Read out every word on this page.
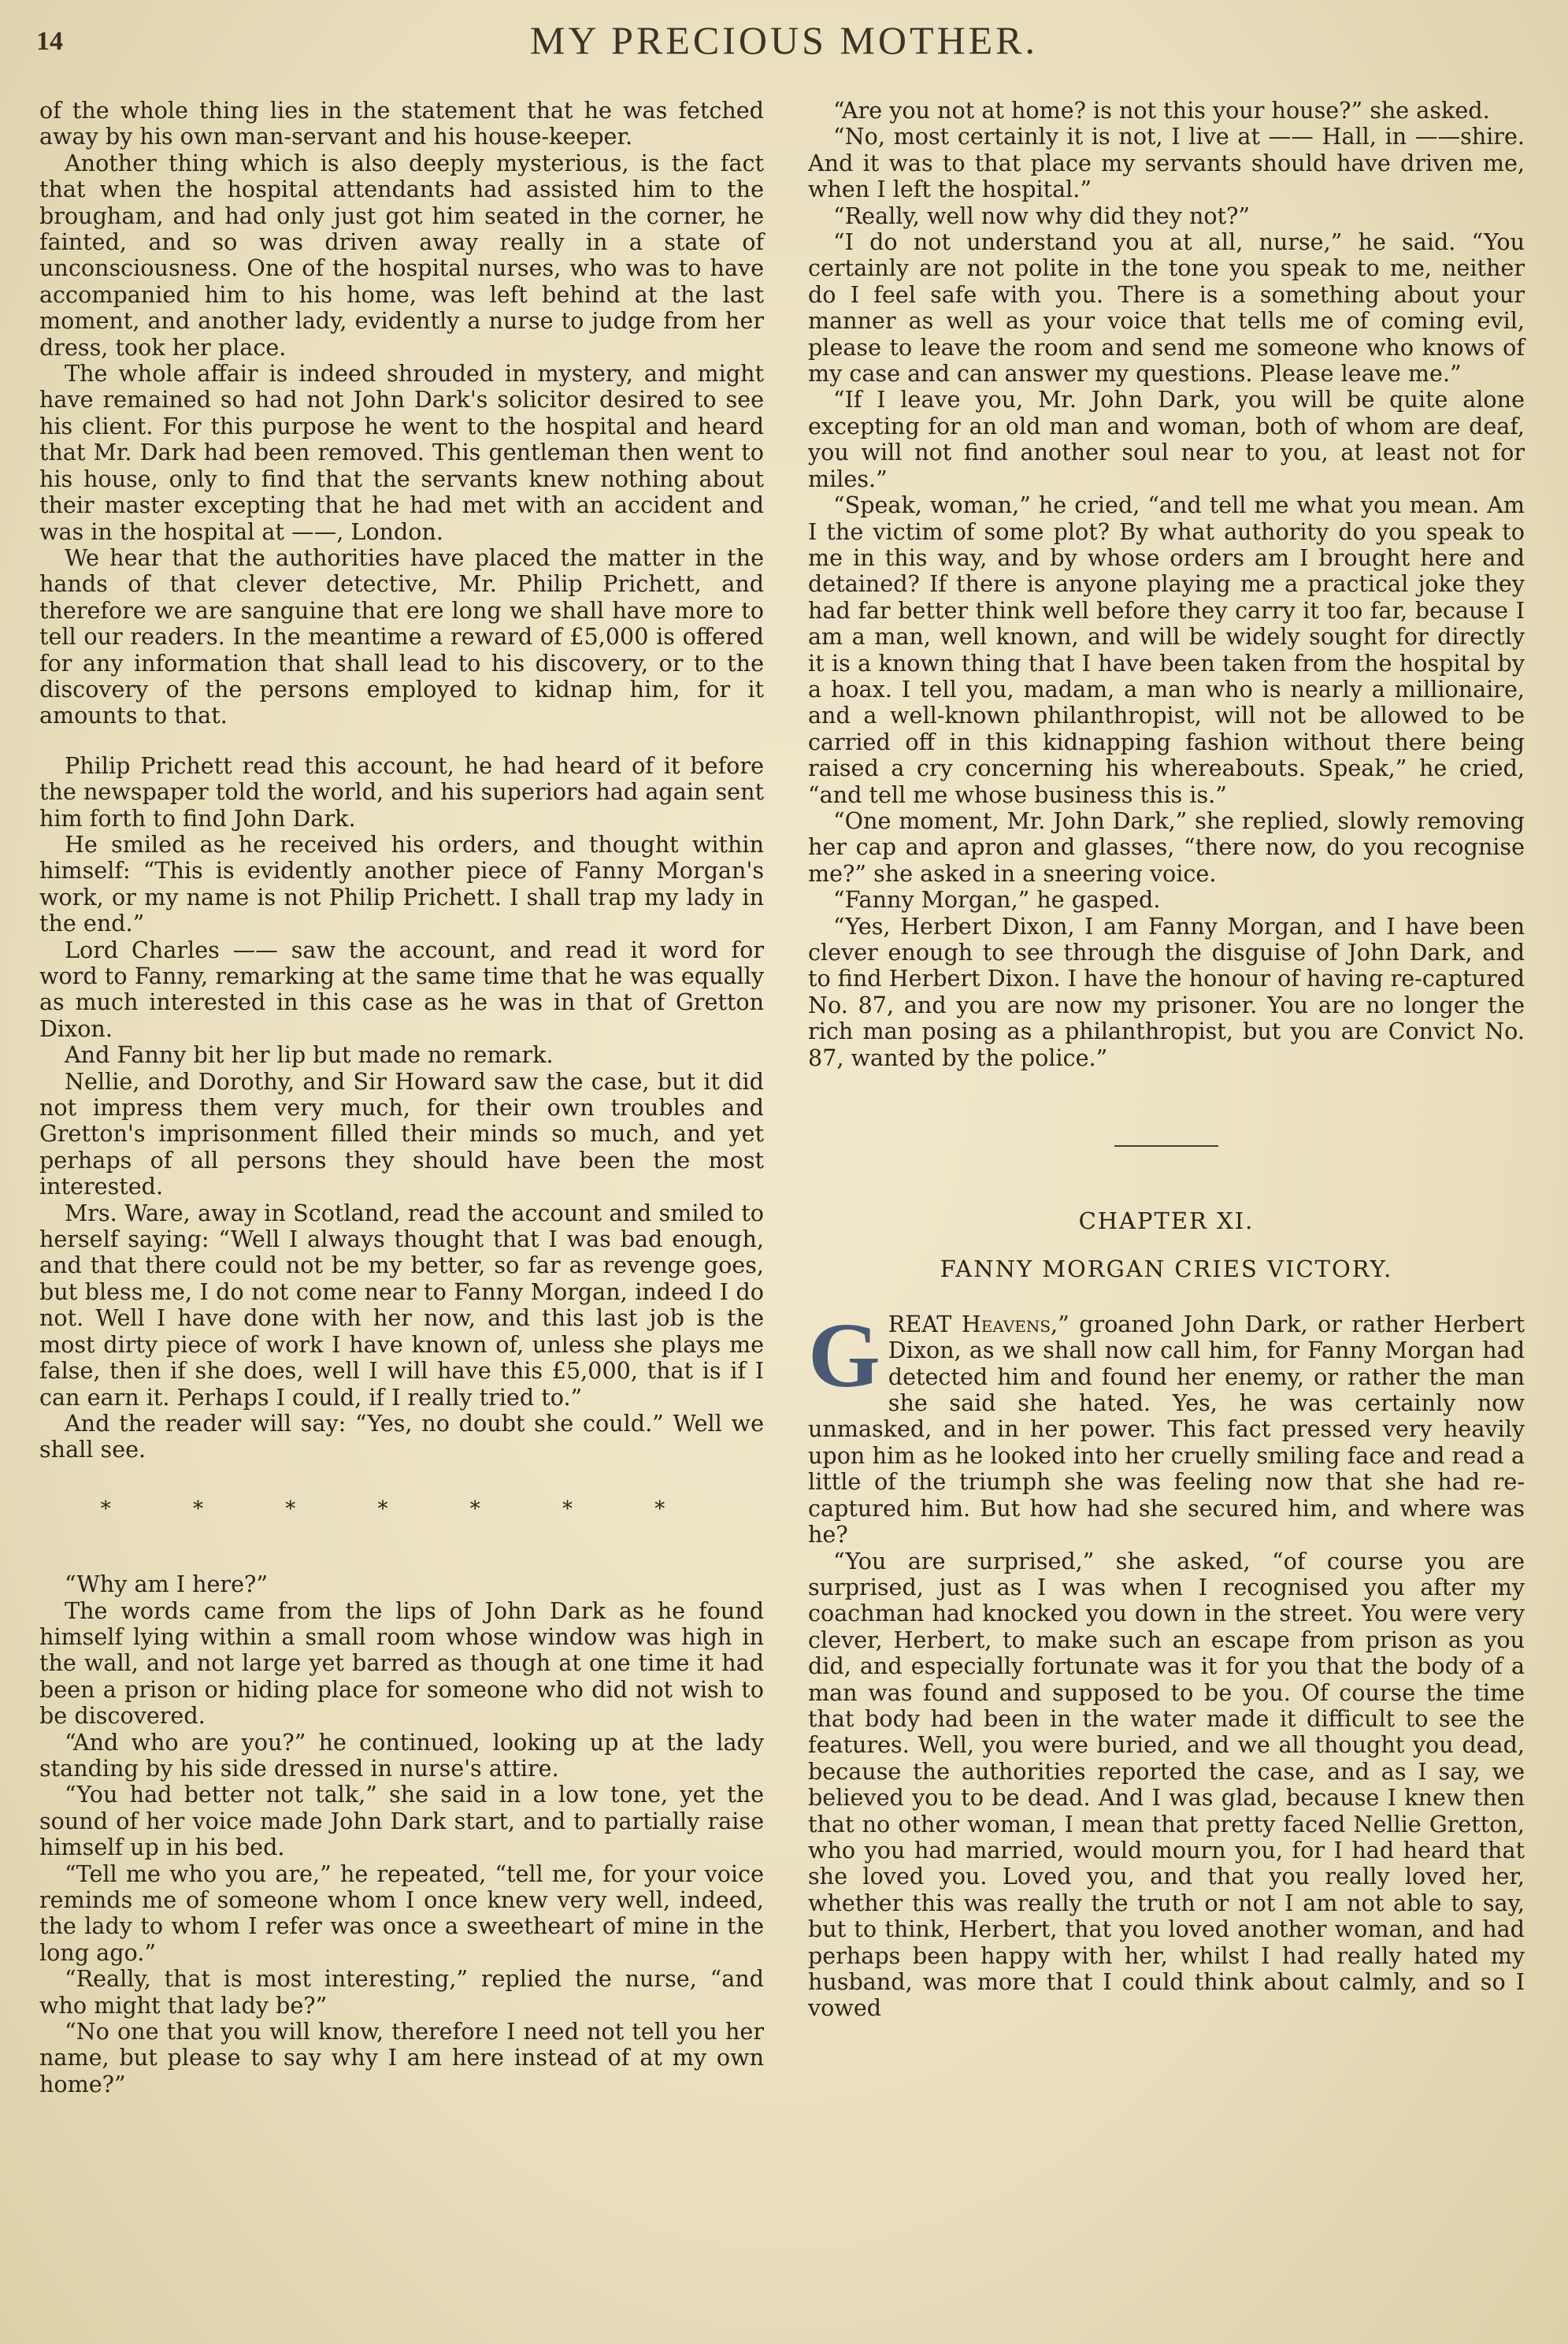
14	MY PRECIOUS MOTHER.

of the whole thing lies in the statement that he was fetched away by his own man-servant and his house-keeper.

Another thing which is also deeply mysterious, is the fact that when the hospital attendants had assisted him to the brougham, and had only just got him seated in the corner, he fainted, and so was driven away really in a state of unconsciousness. One of the hospital nurses, who was to have accompanied him to his home, was left behind at the last moment, and another lady, evidently a nurse to judge from her dress, took her place.

The whole affair is indeed shrouded in mystery, and might have remained so had not John Dark's solicitor desired to see his client. For this purpose he went to the hospital and heard that Mr. Dark had been removed. This gentleman then went to his house, only to find that the servants knew nothing about their master excepting that he had met with an accident and was in the hospital at ——, London.

We hear that the authorities have placed the matter in the hands of that clever detective, Mr. Philip Prichett, and therefore we are sanguine that ere long we shall have more to tell our readers. In the meantime a reward of £5,000 is offered for any information that shall lead to his discovery, or to the discovery of the persons employed to kidnap him, for it amounts to that.

Philip Prichett read this account, he had heard of it before the newspaper told the world, and his superiors had again sent him forth to find John Dark.

He smiled as he received his orders, and thought within himself: “This is evidently another piece of Fanny Morgan's work, or my name is not Philip Prichett. I shall trap my lady in the end.”

Lord Charles —— saw the account, and read it word for word to Fanny, remarking at the same time that he was equally as much interested in this case as he was in that of Gretton Dixon.

And Fanny bit her lip but made no remark.

Nellie, and Dorothy, and Sir Howard saw the case, but it did not impress them very much, for their own troubles and Gretton's imprisonment filled their minds so much, and yet perhaps of all persons they should have been the most interested.

Mrs. Ware, away in Scotland, read the account and smiled to herself saying: “Well I always thought that I was bad enough, and that there could not be my better, so far as revenge goes, but bless me, I do not come near to Fanny Morgan, indeed I do not. Well I have done with her now, and this last job is the most dirty piece of work I have known of, unless she plays me false, then if she does, well I will have this £5,000, that is if I can earn it. Perhaps I could, if I really tried to.”

And the reader will say: “Yes, no doubt she could.” Well we shall see.

* * * * * * *

“Why am I here?”

The words came from the lips of John Dark as he found himself lying within a small room whose window was high in the wall, and not large yet barred as though at one time it had been a prison or hiding place for someone who did not wish to be discovered.

“And who are you?” he continued, looking up at the lady standing by his side dressed in nurse's attire.

“You had better not talk,” she said in a low tone, yet the sound of her voice made John Dark start, and to partially raise himself up in his bed.

“Tell me who you are,” he repeated, “tell me, for your voice reminds me of someone whom I once knew very well, indeed, the lady to whom I refer was once a sweetheart of mine in the long ago.”

“Really, that is most interesting,” replied the nurse, “and who might that lady be?”

“No one that you will know, therefore I need not tell you her name, but please to say why I am here instead of at my own home?”

“Are you not at home? is not this your house?” she asked.

“No, most certainly it is not, I live at —— Hall, in ——shire. And it was to that place my servants should have driven me, when I left the hospital.”

“Really, well now why did they not?”

“I do not understand you at all, nurse,” he said. “You certainly are not polite in the tone you speak to me, neither do I feel safe with you. There is a something about your manner as well as your voice that tells me of coming evil, please to leave the room and send me someone who knows of my case and can answer my questions. Please leave me.”

“If I leave you, Mr. John Dark, you will be quite alone excepting for an old man and woman, both of whom are deaf, you will not find another soul near to you, at least not for miles.”

“Speak, woman,” he cried, “and tell me what you mean. Am I the victim of some plot? By what authority do you speak to me in this way, and by whose orders am I brought here and detained? If there is anyone playing me a practical joke they had far better think well before they carry it too far, because I am a man, well known, and will be widely sought for directly it is a known thing that I have been taken from the hospital by a hoax. I tell you, madam, a man who is nearly a millionaire, and a well-known philanthropist, will not be allowed to be carried off in this kidnapping fashion without there being raised a cry concerning his whereabouts. Speak,” he cried, “and tell me whose business this is.”

“One moment, Mr. John Dark,” she replied, slowly removing her cap and apron and glasses, “there now, do you recognise me?” she asked in a sneering voice.

“Fanny Morgan,” he gasped.

“Yes, Herbert Dixon, I am Fanny Morgan, and I have been clever enough to see through the disguise of John Dark, and to find Herbert Dixon. I have the honour of having re-captured No. 87, and you are now my prisoner. You are no longer the rich man posing as a philanthropist, but you are Convict No. 87, wanted by the police.”

CHAPTER XI.
FANNY MORGAN CRIES VICTORY.

GREAT Heavens,” groaned John Dark, or rather Herbert Dixon, as we shall now call him, for Fanny Morgan had detected him and found her enemy, or rather the man she said she hated. Yes, he was certainly now unmasked, and in her power. This fact pressed very heavily upon him as he looked into her cruelly smiling face and read a little of the triumph she was feeling now that she had re-captured him. But how had she secured him, and where was he?

“You are surprised,” she asked, “of course you are surprised, just as I was when I recognised you after my coachman had knocked you down in the street. You were very clever, Herbert, to make such an escape from prison as you did, and especially fortunate was it for you that the body of a man was found and supposed to be you. Of course the time that body had been in the water made it difficult to see the features. Well, you were buried, and we all thought you dead, because the authorities reported the case, and as I say, we believed you to be dead. And I was glad, because I knew then that no other woman, I mean that pretty faced Nellie Gretton, who you had married, would mourn you, for I had heard that she loved you. Loved you, and that you really loved her, whether this was really the truth or not I am not able to say, but to think, Herbert, that you loved another woman, and had perhaps been happy with her, whilst I had really hated my husband, was more that I could think about calmly, and so I vowed
